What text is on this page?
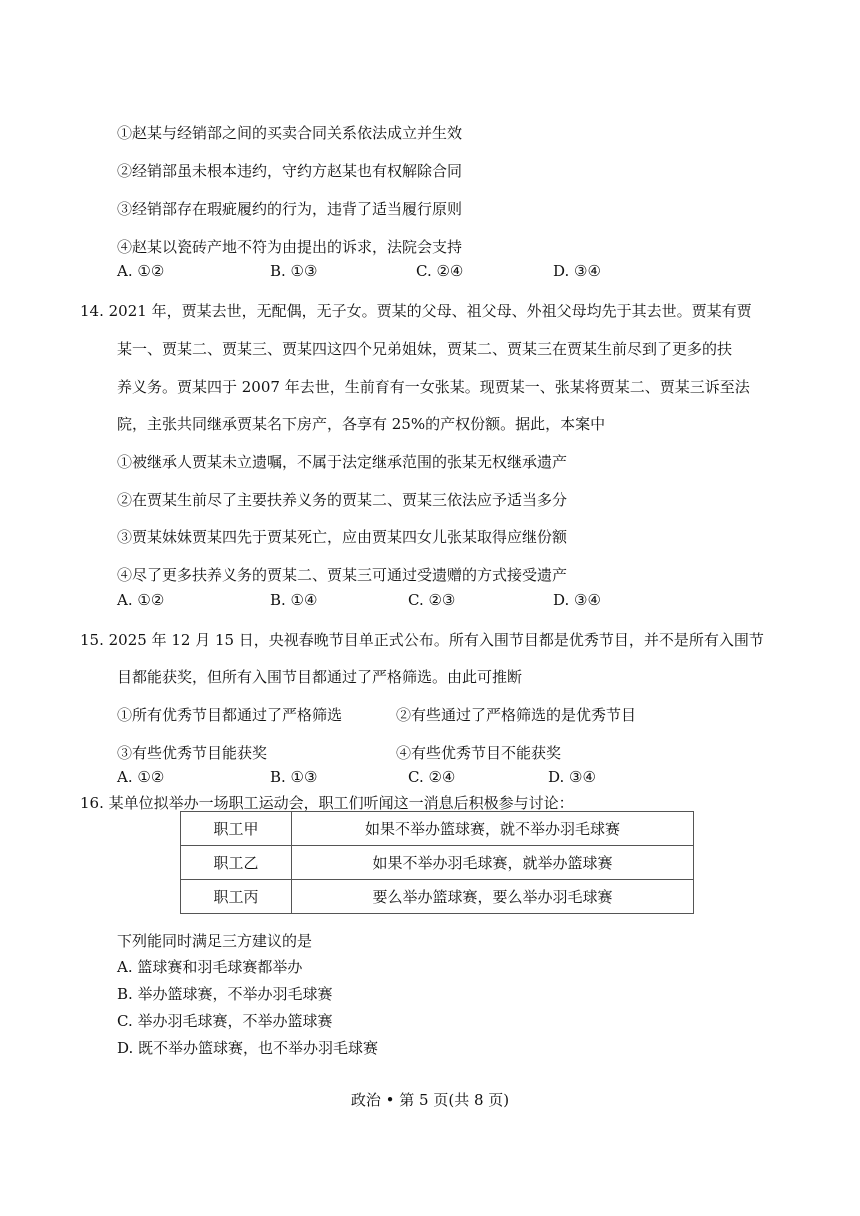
①赵某与经销部之间的买卖合同关系依法成立并生效
②经销部虽未根本违约，守约方赵某也有权解除合同
③经销部存在瑕疵履约的行为，违背了适当履行原则
④赵某以瓷砖产地不符为由提出的诉求，法院会支持
A. ①②	B. ①③	C. ②④	D. ③④
14. 2021 年，贾某去世，无配偶，无子女。贾某的父母、祖父母、外祖父母均先于其去世。贾某有贾
某一、贾某二、贾某三、贾某四这四个兄弟姐妹，贾某二、贾某三在贾某生前尽到了更多的扶
养义务。贾某四于 2007 年去世，生前育有一女张某。现贾某一、张某将贾某二、贾某三诉至法
院，主张共同继承贾某名下房产，各享有 25%的产权份额。据此，本案中
①被继承人贾某未立遗嘱，不属于法定继承范围的张某无权继承遗产
②在贾某生前尽了主要扶养义务的贾某二、贾某三依法应予适当多分
③贾某妹妹贾某四先于贾某死亡，应由贾某四女儿张某取得应继份额
④尽了更多扶养义务的贾某二、贾某三可通过受遗赠的方式接受遗产
A. ①②	B. ①④	C. ②③	D. ③④
15. 2025 年 12 月 15 日，央视春晚节目单正式公布。所有入围节目都是优秀节目，并不是所有入围节
目都能获奖，但所有入围节目都通过了严格筛选。由此可推断
①所有优秀节目都通过了严格筛选	②有些通过了严格筛选的是优秀节目
③有些优秀节目能获奖	④有些优秀节目不能获奖
A. ①②	B. ①③	C. ②④	D. ③④
16. 某单位拟举办一场职工运动会，职工们听闻这一消息后积极参与讨论：
职工甲	如果不举办篮球赛，就不举办羽毛球赛
职工乙	如果不举办羽毛球赛，就举办篮球赛
职工丙	要么举办篮球赛，要么举办羽毛球赛
下列能同时满足三方建议的是
A. 篮球赛和羽毛球赛都举办
B. 举办篮球赛，不举办羽毛球赛
C. 举办羽毛球赛，不举办篮球赛
D. 既不举办篮球赛，也不举办羽毛球赛
政治 • 第 5 页(共 8 页)
